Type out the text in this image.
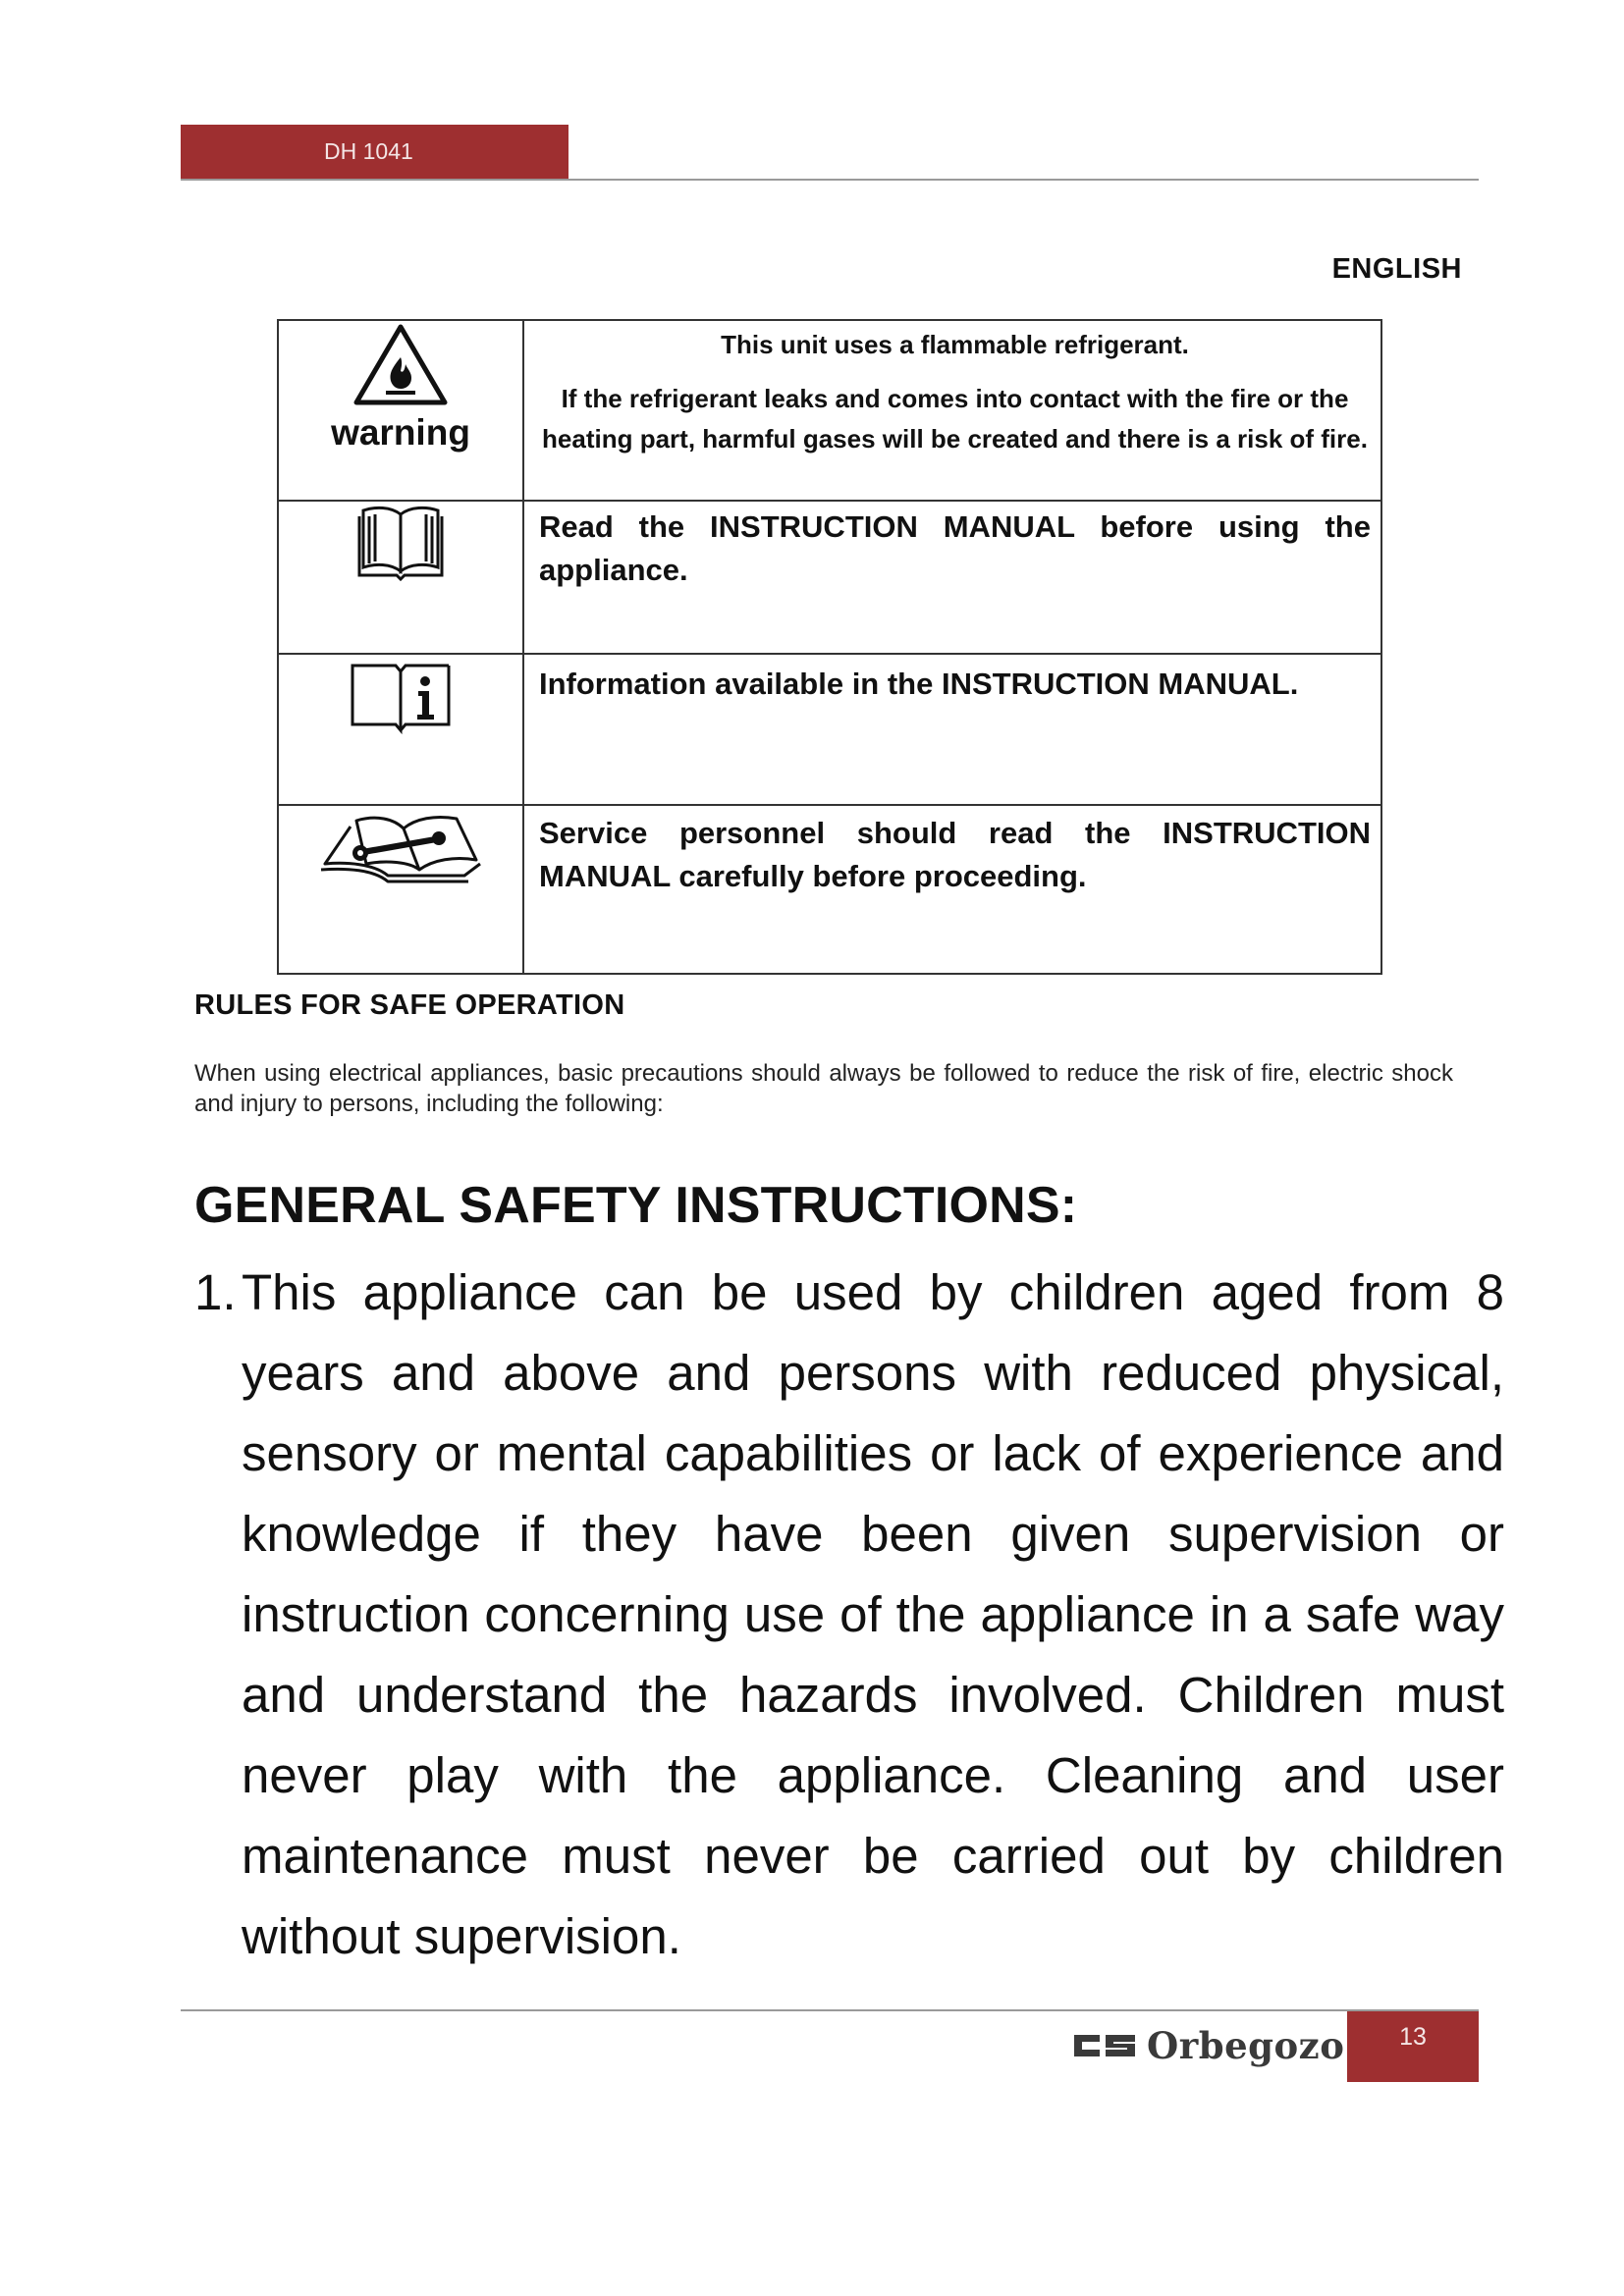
DH 1041
ENGLISH
warning	This unit uses a flammable refrigerant.
If the refrigerant leaks and comes into contact with the fire or the heating part, harmful gases will be created and there is a risk of fire.

Read the INSTRUCTION MANUAL before using the appliance.

Information available in the INSTRUCTION MANUAL.

Service personnel should read the INSTRUCTION MANUAL carefully before proceeding.
RULES FOR SAFE OPERATION
When using electrical appliances, basic precautions should always be followed to reduce the risk of fire, electric shock and injury to persons, including the following:
GENERAL SAFETY INSTRUCTIONS:
1. This appliance can be used by children aged from 8 years and above and persons with reduced physical, sensory or mental capabilities or lack of experience and knowledge if they have been given supervision or instruction concerning use of the appliance in a safe way and understand the hazards involved. Children must never play with the appliance. Cleaning and user maintenance must never be carried out by children without supervision.
Orbegozo 13
